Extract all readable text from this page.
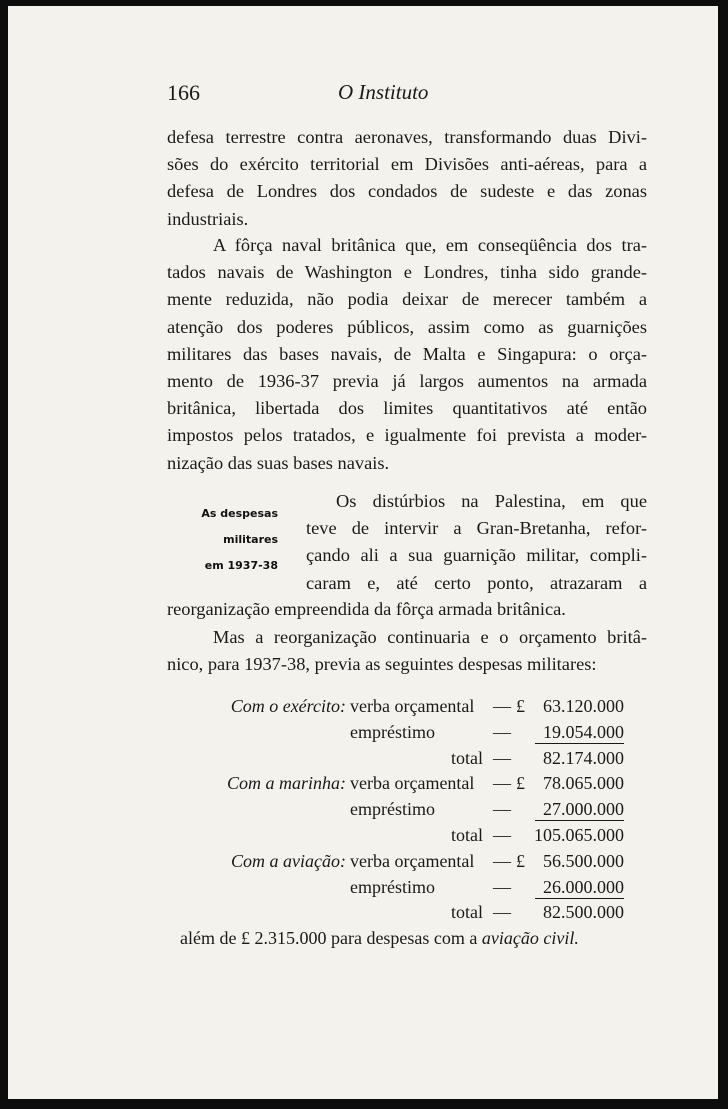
166	O Instituto

defesa terrestre contra aeronaves, transformando duas Divi-

sões do exército territorial em Divisões anti-aéreas, para a

defesa de Londres dos condados de sudeste e das zonas

industriais.

A fôrça naval britânica que, em conseqüência dos tra-

tados navais de Washington e Londres, tinha sido grande-

mente reduzida, não podia deixar de merecer também a

atenção dos poderes públicos, assim como as guarnições

militares das bases navais, de Malta e Singapura: o orça-

mento de 1936-37 previa já largos aumentos na armada

britânica, libertada dos limites quantitativos até então

impostos pelos tratados, e igualmente foi prevista a moder-

nização das suas bases navais.

As despesas
militares
em 1937-38
Os distúrbios na Palestina, em que
teve de intervir a Gran-Bretanha, refor-
çando ali a sua guarnição militar, compli-
caram e, até certo ponto, atrazaram a
reorganização empreendida da fôrça armada britânica.

Mas a reorganização continuaria e o orçamento britâ-

nico, para 1937-38, previa as seguintes despesas militares:

Com o exército: verba orçamental — £ 63.120.000
empréstimo	—	19.054.000
total — 82.174.000
Com a marinha: verba orçamental — £ 78.065.000
empréstimo	—	27.000.000
total — 105.065.000
Com a aviação: verba orçamental — £ 56.500.000
empréstimo	—	26.000.000
total — 82.500.000
além de £ 2.315.000 para despesas com a aviação civil.
